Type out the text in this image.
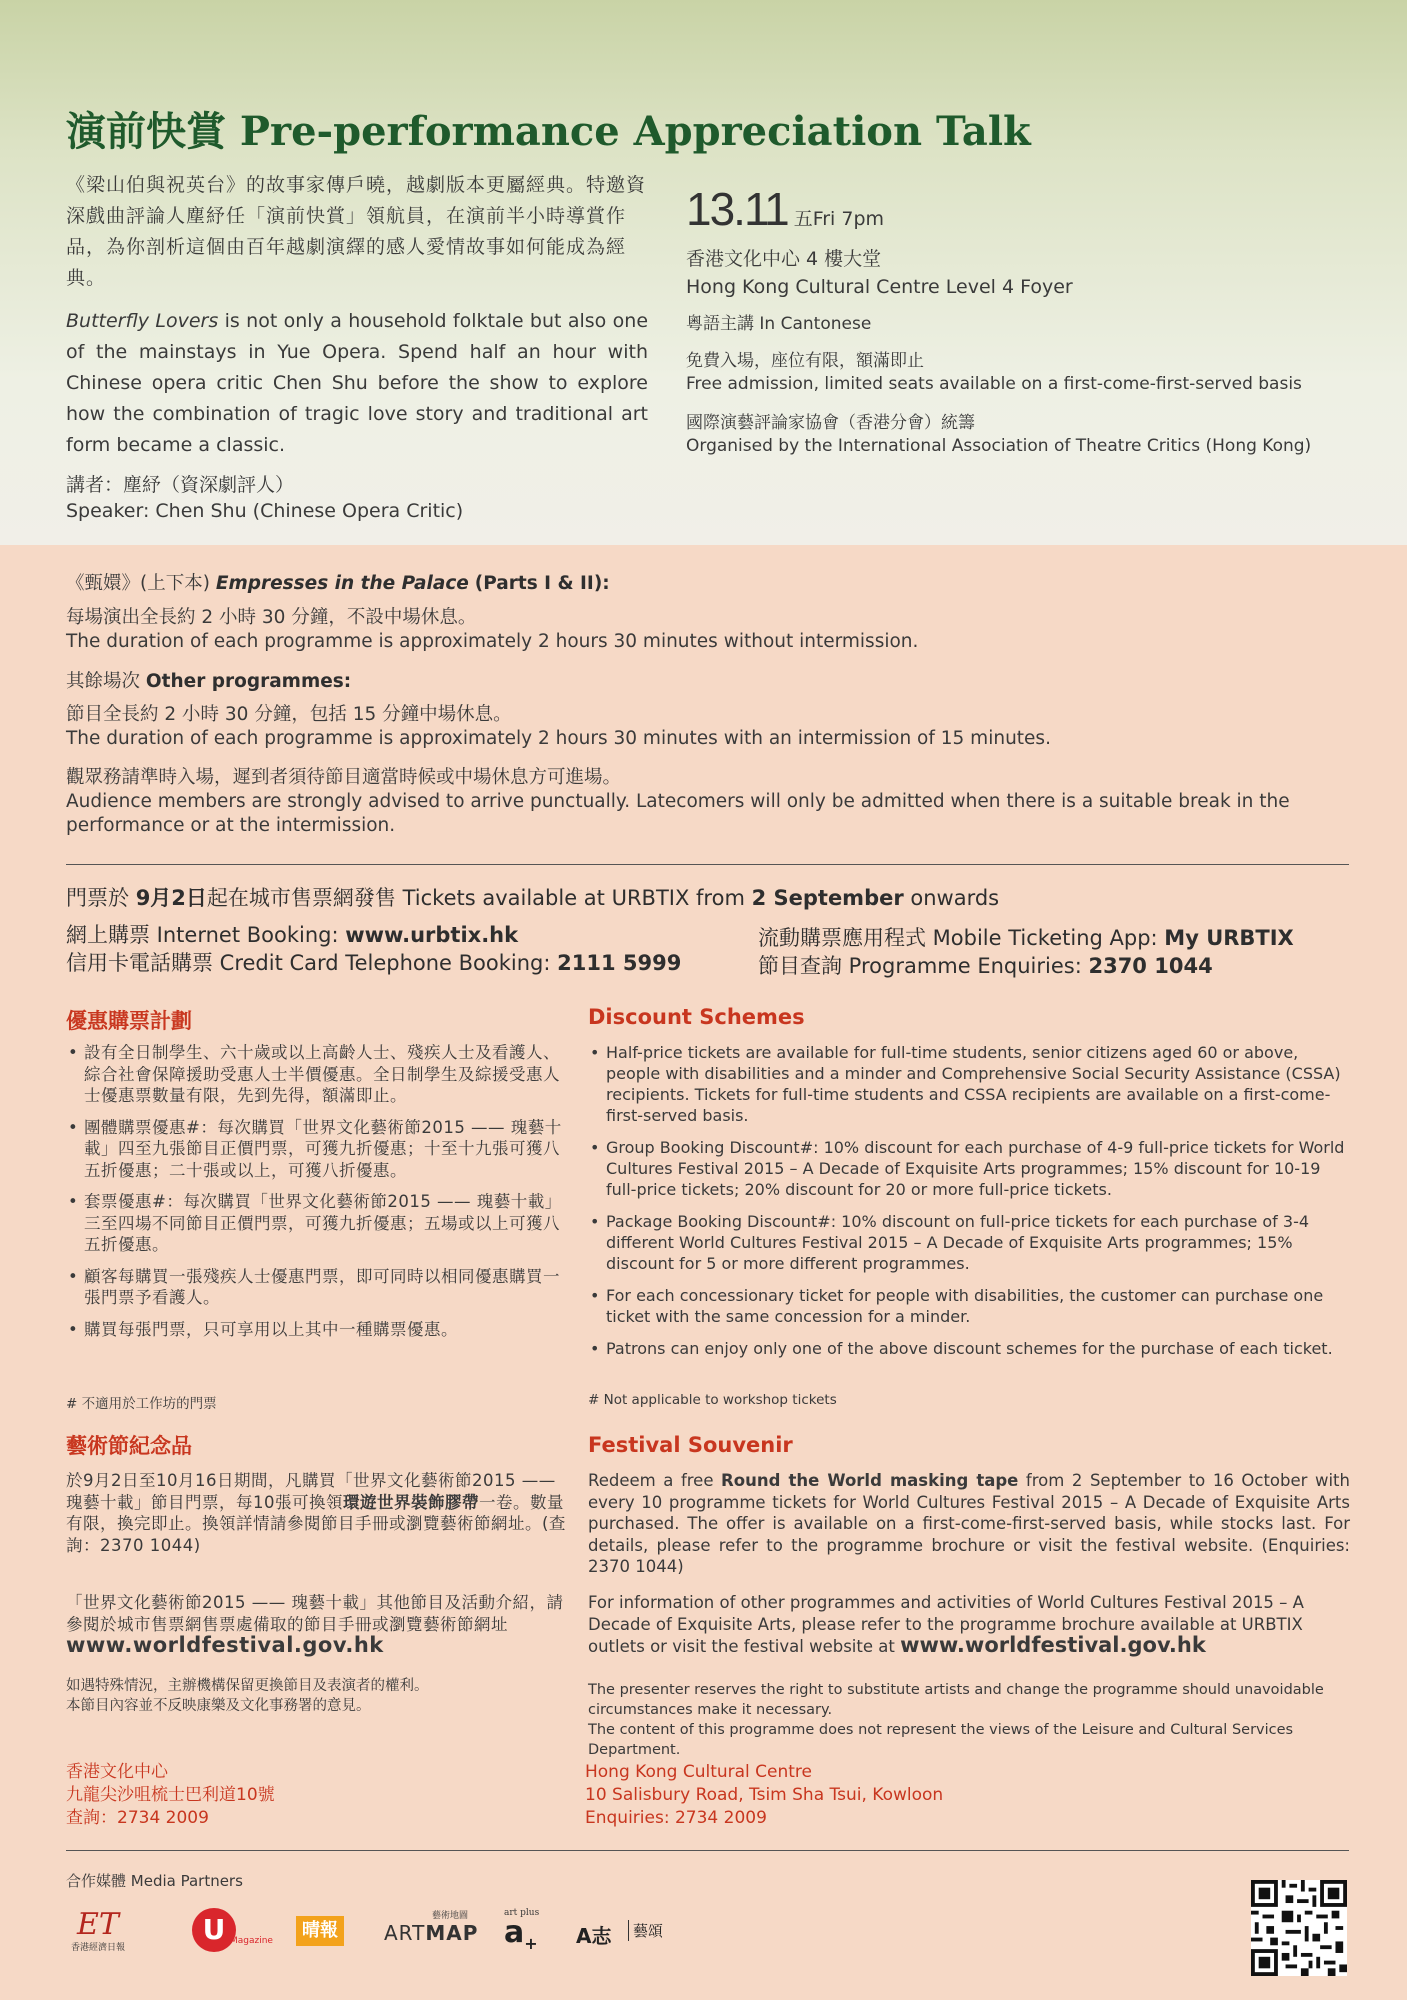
演前快賞 Pre-performance Appreciation Talk

《梁山伯與祝英台》的故事家傳戶曉，越劇版本更屬經典。特邀資深戲曲評論人塵紓任「演前快賞」領航員，在演前半小時導賞作品，為你剖析這個由百年越劇演繹的感人愛情故事如何能成為經典。

Butterfly Lovers is not only a household folktale but also one of the mainstays in Yue Opera. Spend half an hour with Chinese opera critic Chen Shu before the show to explore how the combination of tragic love story and traditional art form became a classic.

講者：塵紓（資深劇評人）
Speaker: Chen Shu (Chinese Opera Critic)
13.11 五Fri 7pm
香港文化中心 4 樓大堂
Hong Kong Cultural Centre Level 4 Foyer
粵語主講 In Cantonese
免費入場，座位有限，額滿即止
Free admission, limited seats available on a first-come-first-served basis
國際演藝評論家協會（香港分會）統籌
Organised by the International Association of Theatre Critics (Hong Kong)
《甄嬛》(上下本) Empresses in the Palace (Parts I & II):
每場演出全長約 2 小時 30 分鐘，不設中場休息。
The duration of each programme is approximately 2 hours 30 minutes without intermission.
其餘場次 Other programmes:
節目全長約 2 小時 30 分鐘，包括 15 分鐘中場休息。
The duration of each programme is approximately 2 hours 30 minutes with an intermission of 15 minutes.
觀眾務請準時入場，遲到者須待節目適當時候或中場休息方可進場。
Audience members are strongly advised to arrive punctually. Latecomers will only be admitted when there is a suitable break in the performance or at the intermission.
門票於 9月2日起在城市售票網發售 Tickets available at URBTIX from 2 September onwards
網上購票 Internet Booking: www.urbtix.hk
信用卡電話購票 Credit Card Telephone Booking: 2111 5999
流動購票應用程式 Mobile Ticketing App: My URBTIX
節目查詢 Programme Enquiries: 2370 1044
優惠購票計劃	Discount Schemes
• 設有全日制學生、六十歲或以上高齡人士、殘疾人士及看護人、綜合社會保障援助受惠人士半價優惠。全日制學生及綜援受惠人士優惠票數量有限，先到先得，額滿即止。
• 團體購票優惠#：每次購買「世界文化藝術節2015 —— 瑰藝十載」四至九張節目正價門票，可獲九折優惠；十至十九張可獲八五折優惠；二十張或以上，可獲八折優惠。
• 套票優惠#：每次購買「世界文化藝術節2015 —— 瑰藝十載」三至四場不同節目正價門票，可獲九折優惠；五場或以上可獲八五折優惠。
• 顧客每購買一張殘疾人士優惠門票，即可同時以相同優惠購買一張門票予看護人。
• 購買每張門票，只可享用以上其中一種購票優惠。
• Half-price tickets are available for full-time students, senior citizens aged 60 or above, people with disabilities and a minder and Comprehensive Social Security Assistance (CSSA) recipients. Tickets for full-time students and CSSA recipients are available on a first-come-first-served basis.
• Group Booking Discount#: 10% discount for each purchase of 4-9 full-price tickets for World Cultures Festival 2015 – A Decade of Exquisite Arts programmes; 15% discount for 10-19 full-price tickets; 20% discount for 20 or more full-price tickets.
• Package Booking Discount#: 10% discount on full-price tickets for each purchase of 3-4 different World Cultures Festival 2015 – A Decade of Exquisite Arts programmes; 15% discount for 5 or more different programmes.
• For each concessionary ticket for people with disabilities, the customer can purchase one ticket with the same concession for a minder.
• Patrons can enjoy only one of the above discount schemes for the purchase of each ticket.
# 不適用於工作坊的門票	# Not applicable to workshop tickets
藝術節紀念品	Festival Souvenir

於9月2日至10月16日期間，凡購買「世界文化藝術節2015 —— 瑰藝十載」節目門票，每10張可換領環遊世界裝飾膠帶一卷。數量有限，換完即止。換領詳情請參閱節目手冊或瀏覽藝術節網址。(查詢：2370 1044)

Redeem a free Round the World masking tape from 2 September to 16 October with every 10 programme tickets for World Cultures Festival 2015 – A Decade of Exquisite Arts purchased. The offer is available on a first-come-first-served basis, while stocks last. For details, please refer to the programme brochure or visit the festival website. (Enquiries: 2370 1044)

「世界文化藝術節2015 —— 瑰藝十載」其他節目及活動介紹，請參閱於城市售票網售票處備取的節目手冊或瀏覽藝術節網址www.worldfestival.gov.hk

For information of other programmes and activities of World Cultures Festival 2015 – A Decade of Exquisite Arts, please refer to the programme brochure available at URBTIX outlets or visit the festival website at www.worldfestival.gov.hk

如遇特殊情況，主辦機構保留更換節目及表演者的權利。
本節目內容並不反映康樂及文化事務署的意見。
The presenter reserves the right to substitute artists and change the programme should unavoidable circumstances make it necessary.
The content of this programme does not represent the views of the Leisure and Cultural Services Department.
香港文化中心
九龍尖沙咀梳士巴利道10號
查詢：2734 2009
Hong Kong Cultural Centre
10 Salisbury Road, Tsim Sha Tsui, Kowloon
Enquiries: 2734 2009
合作媒體 Media Partners
ET
香港經濟日報
U Magazine	晴報
藝術地圖
ARTMAP
art plus
$a_+$	A志	藝頌
